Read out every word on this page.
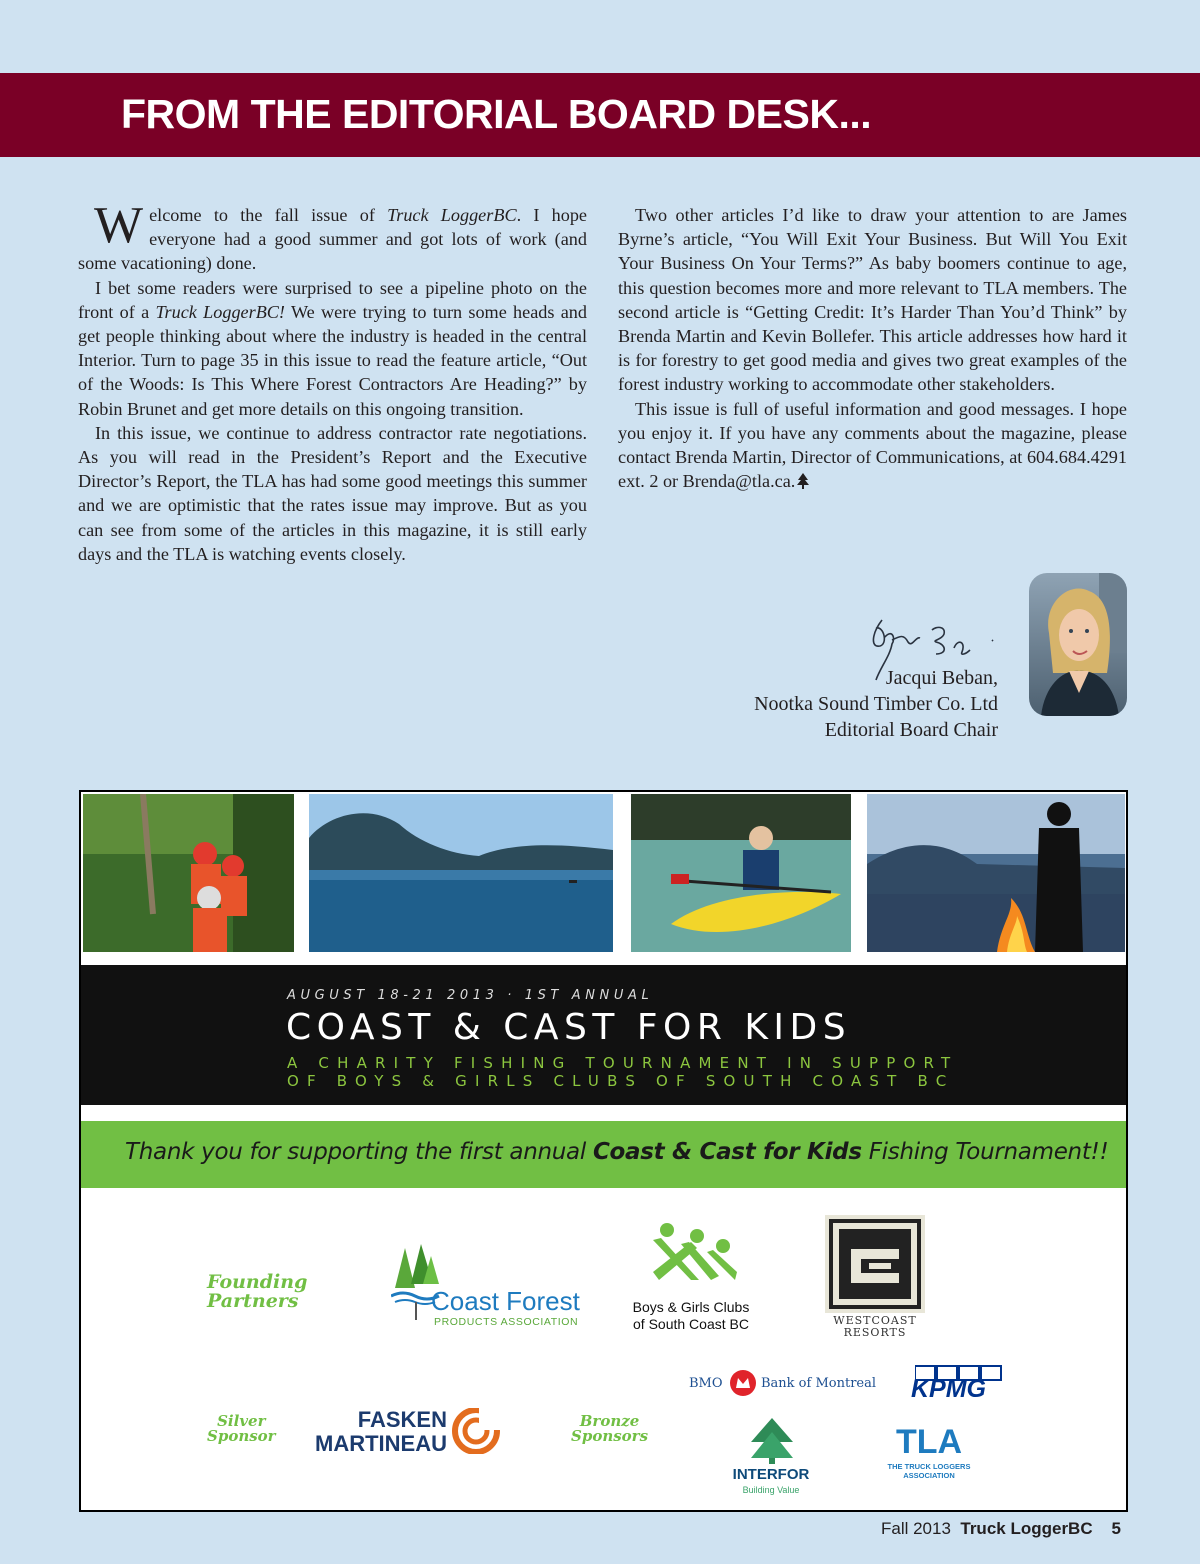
FROM THE EDITORIAL BOARD DESK...

Welcome to the fall issue of Truck LoggerBC. I hope everyone had a good summer and got lots of work (and some vacationing) done.

I bet some readers were surprised to see a pipeline photo on the front of a Truck LoggerBC! We were trying to turn some heads and get people thinking about where the industry is headed in the central Interior. Turn to page 35 in this issue to read the feature article, “Out of the Woods: Is This Where Forest Contractors Are Heading?” by Robin Brunet and get more details on this ongoing transition.

In this issue, we continue to address contractor rate negotiations. As you will read in the President’s Report and the Executive Director’s Report, the TLA has had some good meetings this summer and we are optimistic that the rates issue may improve. But as you can see from some of the articles in this magazine, it is still early days and the TLA is watching events closely.

Two other articles I’d like to draw your attention to are James Byrne’s article, “You Will Exit Your Business. But Will You Exit Your Business On Your Terms?” As baby boomers continue to age, this question becomes more and more relevant to TLA members. The second article is “Getting Credit: It’s Harder Than You’d Think” by Brenda Martin and Kevin Bollefer. This article addresses how hard it is for forestry to get good media and gives two great examples of the forest industry working to accommodate other stakeholders.

This issue is full of useful information and good messages. I hope you enjoy it. If you have any comments about the magazine, please contact Brenda Martin, Director of Communications, at 604.684.4291 ext. 2 or Brenda@tla.ca.

Jacqui Beban,
Nootka Sound Timber Co. Ltd
Editorial Board Chair
AUGUST 18-21 2013 · 1ST ANNUAL
COAST & CAST FOR KIDS
A CHARITY FISHING TOURNAMENT IN SUPPORT
OF BOYS & GIRLS CLUBS OF SOUTH COAST BC
Thank you for supporting the first annual Coast & Cast for Kids Fishing Tournament!!
Founding
Partners	Coast Forest
PRODUCTS ASSOCIATION
Boys & Girls Clubs
of South Coast BC	WESTCOAST
RESORTS
BMO	Bank of Montreal KPMG
Silver
Sponsor
FASKEN
MARTINEAU
Bronze
Sponsors
INTERFOR
Building Value
TLA
THE TRUCK LOGGERS
ASSOCIATION
Fall 2013 Truck LoggerBC 5
